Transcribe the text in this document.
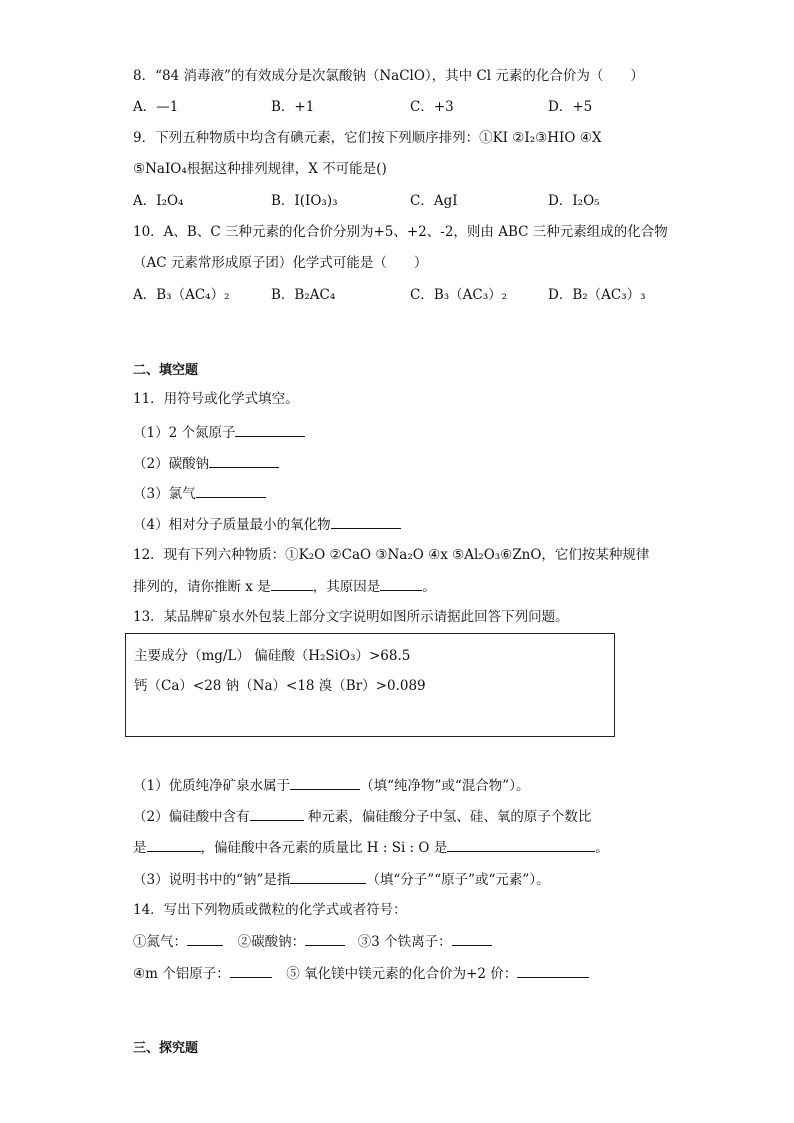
8．“84 消毒液”的有效成分是次氯酸钠（NaClO），其中 Cl 元素的化合价为（　　）
A．—1	B．+1	C．+3	D．+5
9．下列五种物质中均含有碘元素，它们按下列顺序排列：①KI ②I₂③HIO ④X
⑤NaIO₄根据这种排列规律，X 不可能是()
A．I₂O₄	B．I(IO₃)₃	C．AgI	D．I₂O₅
10．A、B、C 三种元素的化合价分别为+5、+2、-2，则由 ABC 三种元素组成的化合物
（AC 元素常形成原子团）化学式可能是（　　）
A．B₃（AC₄）₂	B．B₂AC₄	C．B₃（AC₃）₂	D．B₂（AC₃）₃
二、填空题
11．用符号或化学式填空。
（1）2 个氮原子
（2）碳酸钠
（3）氯气
（4）相对分子质量最小的氧化物
12．现有下列六种物质：①K₂O ②CaO ③Na₂O ④x ⑤Al₂O₃⑥ZnO，它们按某种规律
排列的，请你推断 x 是	，其原因是	。
13．某品牌矿泉水外包装上部分文字说明如图所示请据此回答下列问题。
主要成分（mg/L） 偏硅酸（H₂SiO₃）>68.5
钙（Ca）<28 钠（Na）<18 溴（Br）>0.089
（1）优质纯净矿泉水属于	（填“纯净物”或“混合物”）。
（2）偏硅酸中含有	种元素，偏硅酸分子中氢、硅、氧的原子个数比
是	，偏硅酸中各元素的质量比 H : Si : O 是	。
（3）说明书中的“钠”是指	（填“分子”“原子”或“元素”）。
14．写出下列物质或微粒的化学式或者符号：
①氮气：	②碳酸钠：	③3 个铁离子：
④m 个铝原子：	⑤ 氧化镁中镁元素的化合价为+2 价：
三、探究题
